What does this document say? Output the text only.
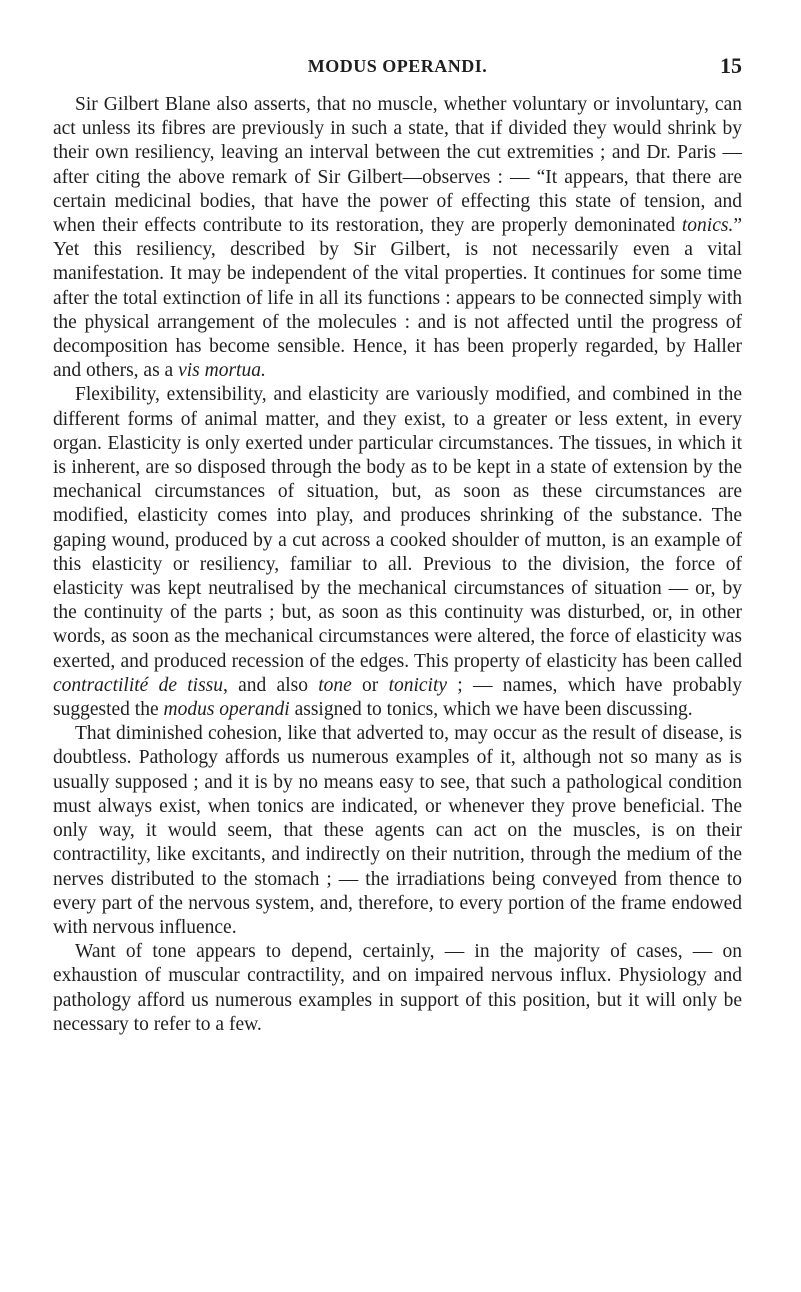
MODUS OPERANDI.	15

Sir Gilbert Blane also asserts, that no muscle, whether voluntary or involuntary, can act unless its fibres are previously in such a state, that if divided they would shrink by their own resiliency, leaving an interval between the cut extremities ; and Dr. Paris — after citing the above remark of Sir Gilbert—observes : — “It appears, that there are certain medicinal bodies, that have the power of effecting this state of tension, and when their effects contribute to its restoration, they are properly demoninated tonics.” Yet this resiliency, described by Sir Gilbert, is not necessarily even a vital manifestation. It may be independent of the vital properties. It continues for some time after the total extinction of life in all its functions : appears to be connected simply with the physical arrangement of the molecules : and is not affected until the progress of decomposition has become sensible. Hence, it has been properly regarded, by Haller and others, as a vis mortua.

Flexibility, extensibility, and elasticity are variously modified, and combined in the different forms of animal matter, and they exist, to a greater or less extent, in every organ. Elasticity is only exerted under particular circumstances. The tissues, in which it is inherent, are so disposed through the body as to be kept in a state of extension by the mechanical circumstances of situation, but, as soon as these circumstances are modified, elasticity comes into play, and produces shrinking of the substance. The gaping wound, produced by a cut across a cooked shoulder of mutton, is an example of this elasticity or resiliency, familiar to all. Previous to the division, the force of elasticity was kept neutralised by the mechanical circumstances of situation — or, by the continuity of the parts ; but, as soon as this continuity was disturbed, or, in other words, as soon as the mechanical circumstances were altered, the force of elasticity was exerted, and produced recession of the edges. This property of elasticity has been called contractilité de tissu, and also tone or tonicity ; — names, which have probably suggested the modus operandi assigned to tonics, which we have been discussing.

That diminished cohesion, like that adverted to, may occur as the result of disease, is doubtless. Pathology affords us numerous examples of it, although not so many as is usually supposed ; and it is by no means easy to see, that such a pathological condition must always exist, when tonics are indicated, or whenever they prove beneficial. The only way, it would seem, that these agents can act on the muscles, is on their contractility, like excitants, and indirectly on their nutrition, through the medium of the nerves distributed to the stomach ; — the irradiations being conveyed from thence to every part of the nervous system, and, therefore, to every portion of the frame endowed with nervous influence.

Want of tone appears to depend, certainly, — in the majority of cases, — on exhaustion of muscular contractility, and on impaired nervous influx. Physiology and pathology afford us numerous examples in support of this position, but it will only be necessary to refer to a few.
